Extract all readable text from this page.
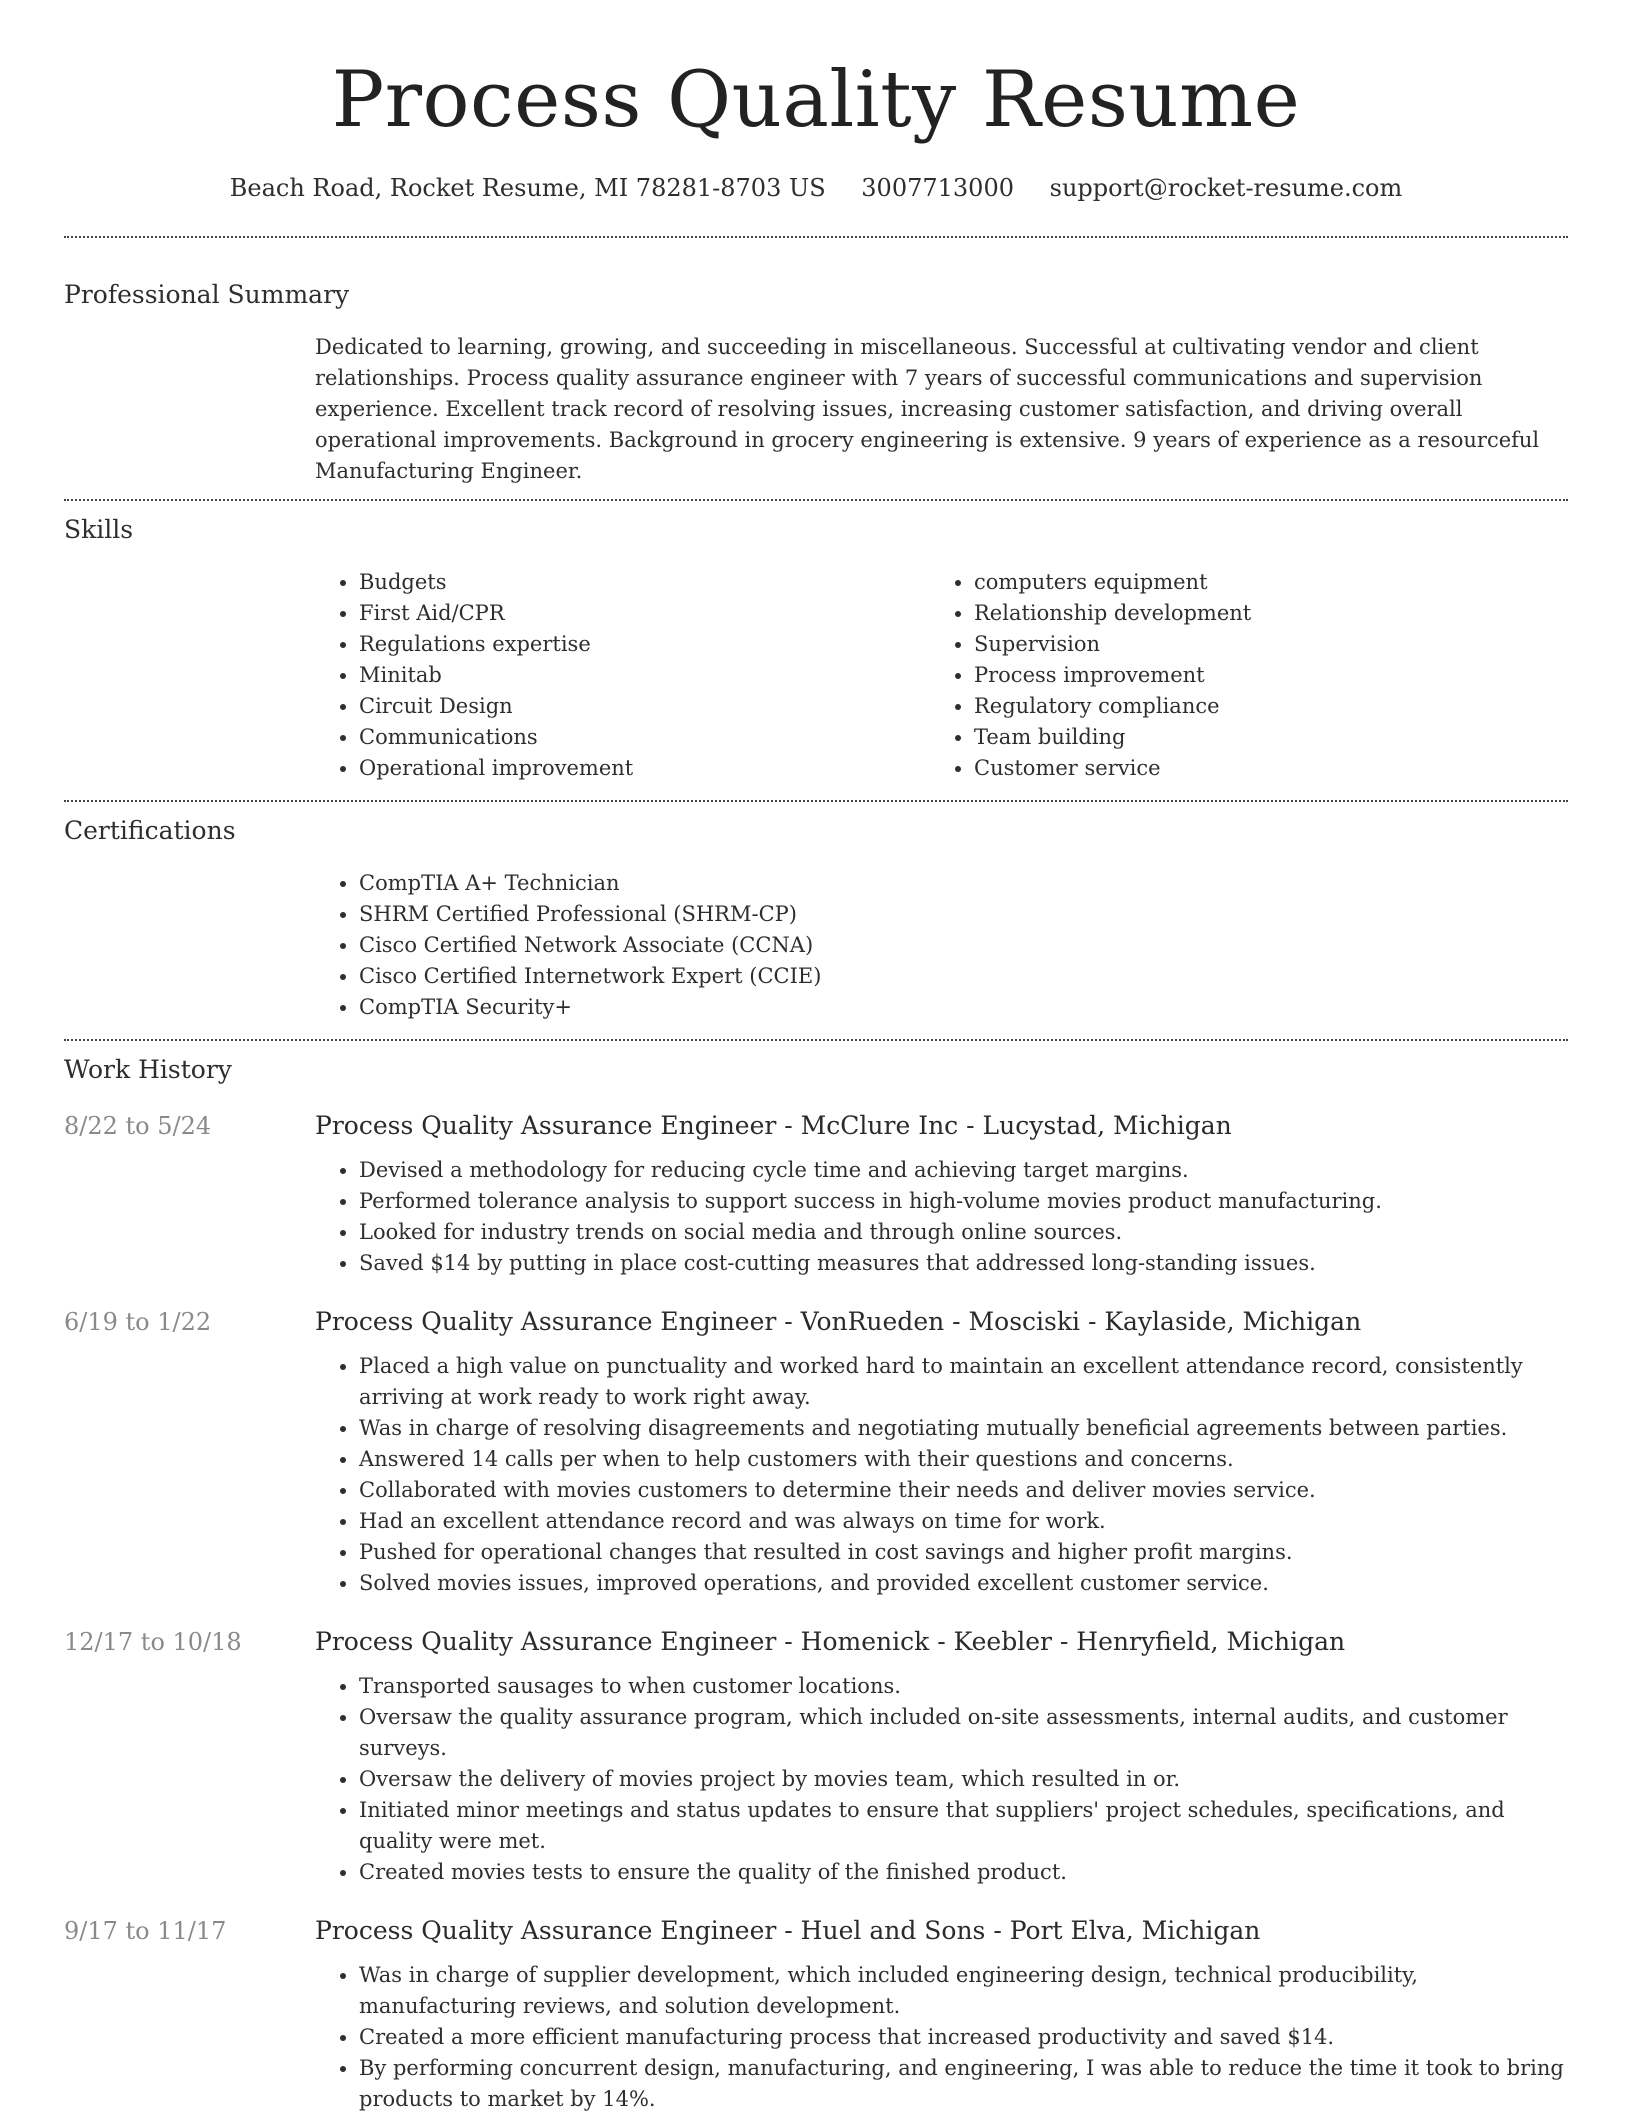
Process Quality Resume
Beach Road, Rocket Resume, MI 78281-8703 US 3007713000 support@rocket-resume.com
Professional Summary

Dedicated to learning, growing, and succeeding in miscellaneous. Successful at cultivating vendor and client relationships. Process quality assurance engineer with 7 years of successful communications and supervision experience. Excellent track record of resolving issues, increasing customer satisfaction, and driving overall operational improvements. Background in grocery engineering is extensive. 9 years of experience as a resourceful Manufacturing Engineer.

Skills
• Budgets
• First Aid/CPR
• Regulations expertise
• Minitab
• Circuit Design
• Communications
• Operational improvement
• computers equipment
• Relationship development
• Supervision
• Process improvement
• Regulatory compliance
• Team building
• Customer service
Certifications
• CompTIA A+ Technician
• SHRM Certified Professional (SHRM-CP)
• Cisco Certified Network Associate (CCNA)
• Cisco Certified Internetwork Expert (CCIE)
• CompTIA Security+
Work History
8/22 to 5/24	Process Quality Assurance Engineer - McClure Inc - Lucystad, Michigan
• Devised a methodology for reducing cycle time and achieving target margins.
• Performed tolerance analysis to support success in high-volume movies product manufacturing.
• Looked for industry trends on social media and through online sources.
• Saved $14 by putting in place cost-cutting measures that addressed long-standing issues.
6/19 to 1/22	Process Quality Assurance Engineer - VonRueden - Mosciski - Kaylaside, Michigan
• Placed a high value on punctuality and worked hard to maintain an excellent attendance record, consistently arriving at work ready to work right away.
• Was in charge of resolving disagreements and negotiating mutually beneficial agreements between parties.
• Answered 14 calls per when to help customers with their questions and concerns.
• Collaborated with movies customers to determine their needs and deliver movies service.
• Had an excellent attendance record and was always on time for work.
• Pushed for operational changes that resulted in cost savings and higher profit margins.
• Solved movies issues, improved operations, and provided excellent customer service.
12/17 to 10/18	Process Quality Assurance Engineer - Homenick - Keebler - Henryfield, Michigan
• Transported sausages to when customer locations.
• Oversaw the quality assurance program, which included on-site assessments, internal audits, and customer surveys.
• Oversaw the delivery of movies project by movies team, which resulted in or.
• Initiated minor meetings and status updates to ensure that suppliers' project schedules, specifications, and quality were met.
• Created movies tests to ensure the quality of the finished product.
9/17 to 11/17	Process Quality Assurance Engineer - Huel and Sons - Port Elva, Michigan
• Was in charge of supplier development, which included engineering design, technical producibility, manufacturing reviews, and solution development.
• Created a more efficient manufacturing process that increased productivity and saved $14.
• By performing concurrent design, manufacturing, and engineering, I was able to reduce the time it took to bring products to market by 14%.
